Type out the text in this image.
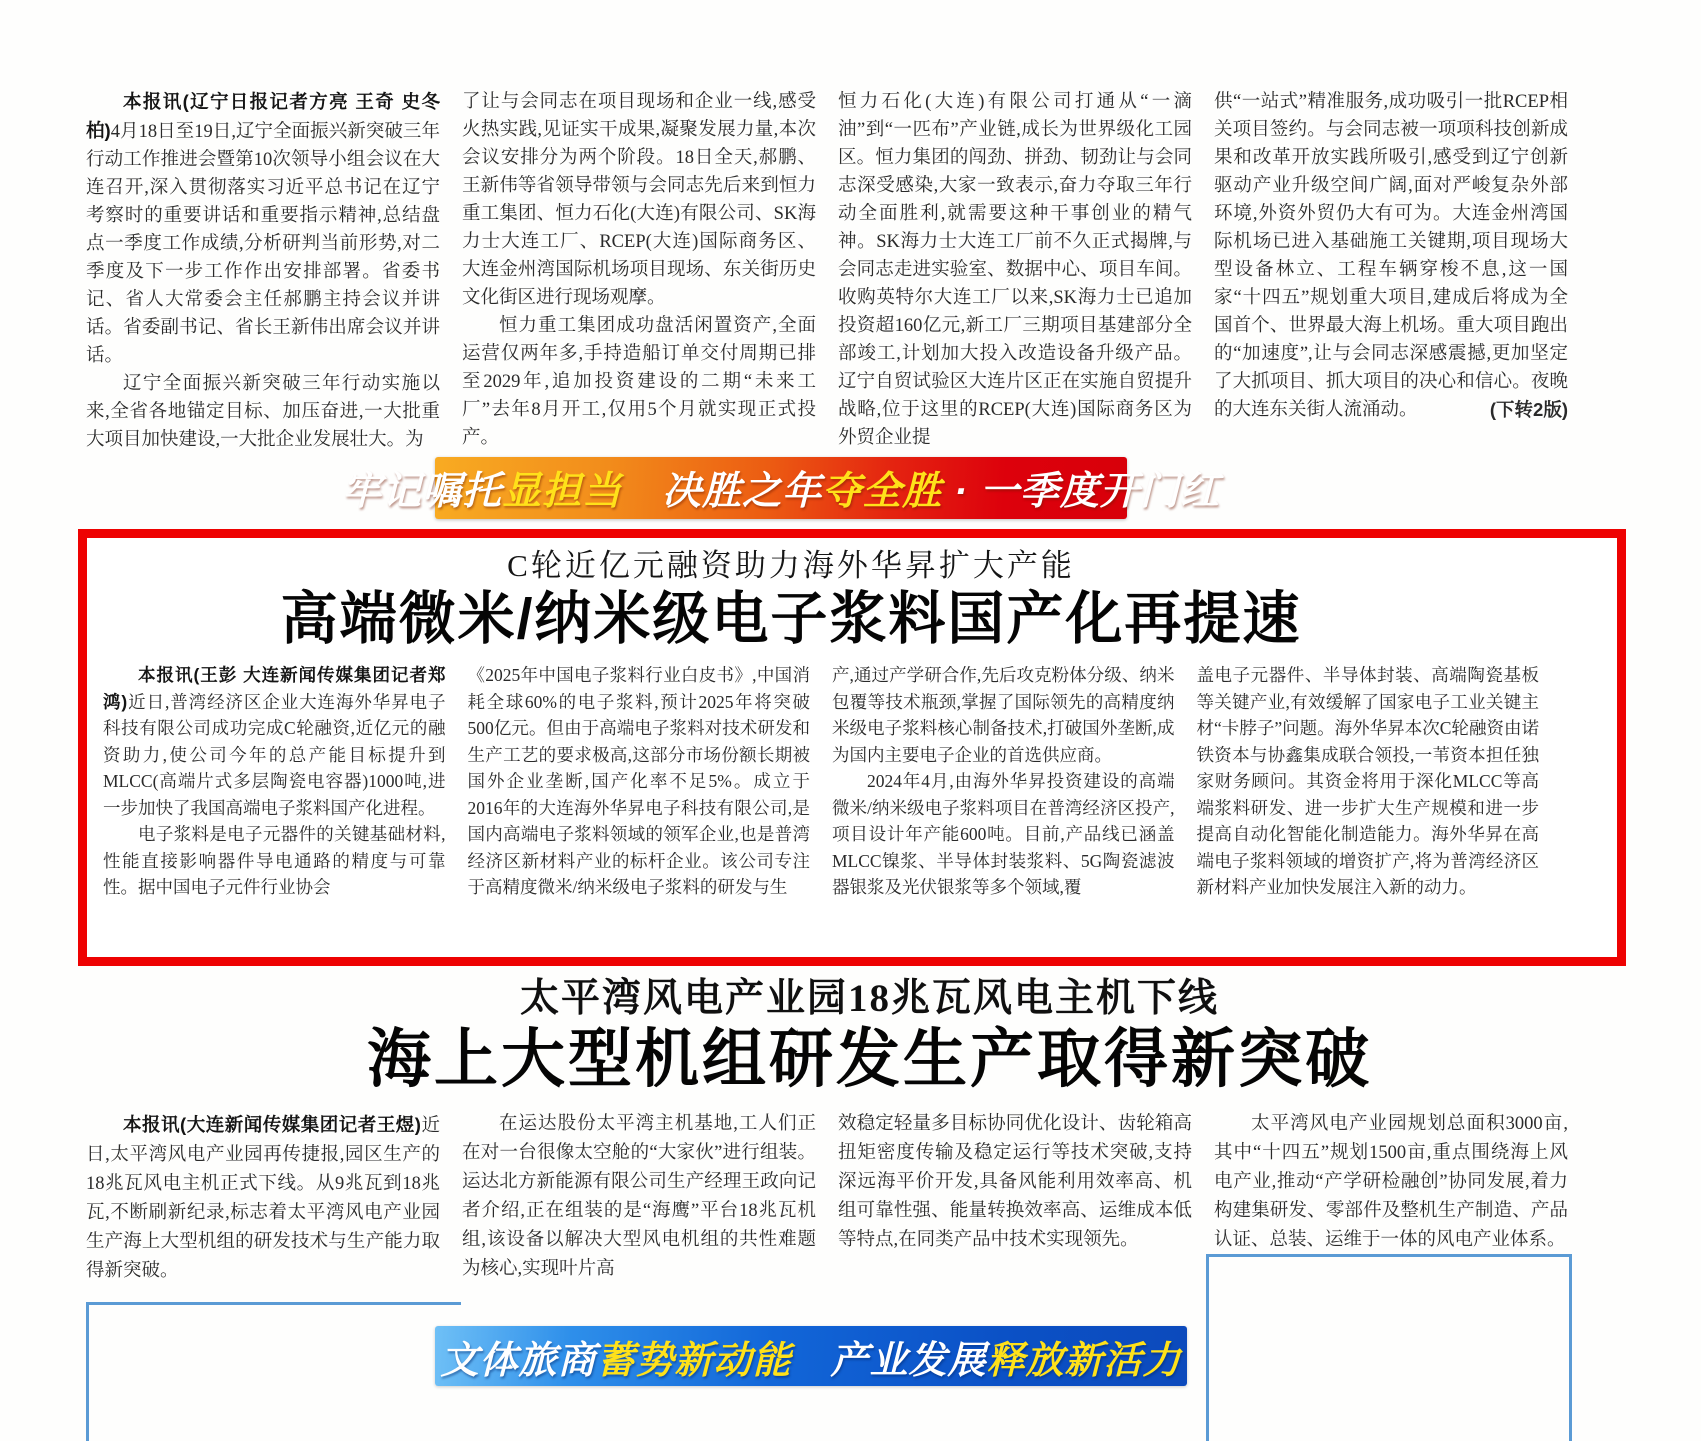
本报讯(辽宁日报记者方亮 王奇 史冬柏)4月18日至19日,辽宁全面振兴新突破三年行动工作推进会暨第10次领导小组会议在大连召开,深入贯彻落实习近平总书记在辽宁考察时的重要讲话和重要指示精神,总结盘点一季度工作成绩,分析研判当前形势,对二季度及下一步工作作出安排部署。省委书记、省人大常委会主任郝鹏主持会议并讲话。省委副书记、省长王新伟出席会议并讲话。

辽宁全面振兴新突破三年行动实施以来,全省各地锚定目标、加压奋进,一大批重大项目加快建设,一大批企业发展壮大。为

了让与会同志在项目现场和企业一线,感受火热实践,见证实干成果,凝聚发展力量,本次会议安排分为两个阶段。18日全天,郝鹏、王新伟等省领导带领与会同志先后来到恒力重工集团、恒力石化(大连)有限公司、SK海力士大连工厂、RCEP(大连)国际商务区、大连金州湾国际机场项目现场、东关街历史文化街区进行现场观摩。

恒力重工集团成功盘活闲置资产,全面运营仅两年多,手持造船订单交付周期已排至2029年,追加投资建设的二期“未来工厂”去年8月开工,仅用5个月就实现正式投产。

恒力石化(大连)有限公司打通从“一滴油”到“一匹布”产业链,成长为世界级化工园区。恒力集团的闯劲、拼劲、韧劲让与会同志深受感染,大家一致表示,奋力夺取三年行动全面胜利,就需要这种干事创业的精气神。SK海力士大连工厂前不久正式揭牌,与会同志走进实验室、数据中心、项目车间。收购英特尔大连工厂以来,SK海力士已追加投资超160亿元,新工厂三期项目基建部分全部竣工,计划加大投入改造设备升级产品。辽宁自贸试验区大连片区正在实施自贸提升战略,位于这里的RCEP(大连)国际商务区为外贸企业提

供“一站式”精准服务,成功吸引一批RCEP相关项目签约。与会同志被一项项科技创新成果和改革开放实践所吸引,感受到辽宁创新驱动产业升级空间广阔,面对严峻复杂外部环境,外资外贸仍大有可为。大连金州湾国际机场已进入基础施工关键期,项目现场大型设备林立、工程车辆穿梭不息,这一国家“十四五”规划重大项目,建成后将成为全国首个、世界最大海上机场。重大项目跑出的“加速度”,让与会同志深感震撼,更加坚定了大抓项目、抓大项目的决心和信心。夜晚的大连东关街人流涌动。	(下转2版)

牢记嘱托显担当　决胜之年夺全胜 · 一季度开门红
C轮近亿元融资助力海外华昇扩大产能
高端微米/纳米级电子浆料国产化再提速

本报讯(王彭 大连新闻传媒集团记者郑鸿)近日,普湾经济区企业大连海外华昇电子科技有限公司成功完成C轮融资,近亿元的融资助力,使公司今年的总产能目标提升到MLCC(高端片式多层陶瓷电容器)1000吨,进一步加快了我国高端电子浆料国产化进程。

电子浆料是电子元器件的关键基础材料,性能直接影响器件导电通路的精度与可靠性。据中国电子元件行业协会

《2025年中国电子浆料行业白皮书》,中国消耗全球60%的电子浆料,预计2025年将突破500亿元。但由于高端电子浆料对技术研发和生产工艺的要求极高,这部分市场份额长期被国外企业垄断,国产化率不足5%。成立于2016年的大连海外华昇电子科技有限公司,是国内高端电子浆料领域的领军企业,也是普湾经济区新材料产业的标杆企业。该公司专注于高精度微米/纳米级电子浆料的研发与生

产,通过产学研合作,先后攻克粉体分级、纳米包覆等技术瓶颈,掌握了国际领先的高精度纳米级电子浆料核心制备技术,打破国外垄断,成为国内主要电子企业的首选供应商。

2024年4月,由海外华昇投资建设的高端微米/纳米级电子浆料项目在普湾经济区投产,项目设计年产能600吨。目前,产品线已涵盖MLCC镍浆、半导体封装浆料、5G陶瓷滤波器银浆及光伏银浆等多个领域,覆

盖电子元器件、半导体封装、高端陶瓷基板等关键产业,有效缓解了国家电子工业关键主材“卡脖子”问题。海外华昇本次C轮融资由诺铁资本与协鑫集成联合领投,一苇资本担任独家财务顾问。其资金将用于深化MLCC等高端浆料研发、进一步扩大生产规模和进一步提高自动化智能化制造能力。海外华昇在高端电子浆料领域的增资扩产,将为普湾经济区新材料产业加快发展注入新的动力。

太平湾风电产业园18兆瓦风电主机下线
海上大型机组研发生产取得新突破

本报讯(大连新闻传媒集团记者王煜)近日,太平湾风电产业园再传捷报,园区生产的18兆瓦风电主机正式下线。从9兆瓦到18兆瓦,不断刷新纪录,标志着太平湾风电产业园生产海上大型机组的研发技术与生产能力取得新突破。

在运达股份太平湾主机基地,工人们正在对一台很像太空舱的“大家伙”进行组装。运达北方新能源有限公司生产经理王政向记者介绍,正在组装的是“海鹰”平台18兆瓦机组,该设备以解决大型风电机组的共性难题为核心,实现叶片高

效稳定轻量多目标协同优化设计、齿轮箱高扭矩密度传输及稳定运行等技术突破,支持深远海平价开发,具备风能利用效率高、机组可靠性强、能量转换效率高、运维成本低等特点,在同类产品中技术实现领先。

太平湾风电产业园规划总面积3000亩,其中“十四五”规划1500亩,重点围绕海上风电产业,推动“产学研检融创”协同发展,着力构建集研发、零部件及整机生产制造、产品认证、总装、运维于一体的风电产业体系。

文体旅商蓄势新动能　产业发展释放新活力
